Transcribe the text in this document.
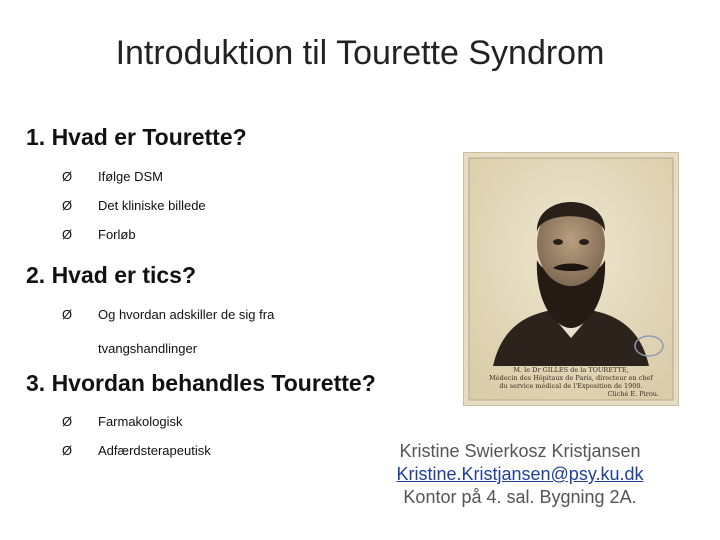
Introduktion til Tourette Syndrom
1. Hvad er Tourette?
Ø	Ifølge DSM
Ø	Det kliniske billede
Ø	Forløb
2. Hvad er tics?
Ø	Og hvordan adskiller de sig fra tvangshandlinger
3. Hvordan behandles Tourette?
Ø	Farmakologisk
Ø	Adfærdsterapeutisk
M. le Dr GILLES de la TOURETTE,
Médecin des Hôpitaux de Paris, directeur en chef
du service médical de l'Exposition de 1900.
Cliché E. Pirou.
Kristine Swierkosz Kristjansen
Kristine.Kristjansen@psy.ku.dk
Kontor på 4. sal. Bygning 2A.
